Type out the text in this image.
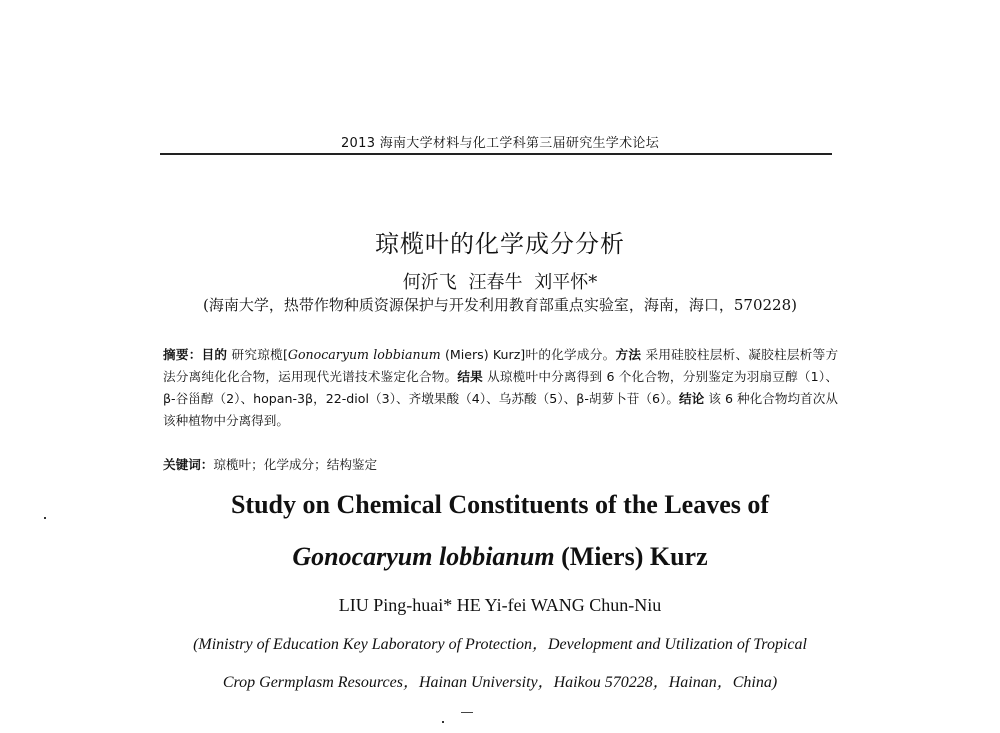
2013 海南大学材料与化工学科第三届研究生学术论坛
琼榄叶的化学成分分析
何沂飞 汪春牛 刘平怀*
(海南大学，热带作物种质资源保护与开发利用教育部重点实验室，海南，海口，570228)
摘要：目的 研究琼榄[Gonocaryum lobbianum (Miers) Kurz]叶的化学成分。方法 采用硅胶柱层析、凝胶柱层析等方法分离纯化化合物，运用现代光谱技术鉴定化合物。结果 从琼榄叶中分离得到 6 个化合物，分别鉴定为羽扇豆醇（1）、β-谷甾醇（2）、hopan-3β，22-diol（3）、齐墩果酸（4）、乌苏酸（5）、β-胡萝卜苷（6）。结论 该 6 种化合物均首次从该种植物中分离得到。
关键词：琼榄叶；化学成分；结构鉴定
Study on Chemical Constituents of the Leaves of
Gonocaryum lobbianum (Miers) Kurz
LIU Ping-huai* HE Yi-fei WANG Chun-Niu
(Ministry of Education Key Laboratory of Protection，Development and Utilization of Tropical
Crop Germplasm Resources，Hainan University，Haikou 570228，Hainan，China)
